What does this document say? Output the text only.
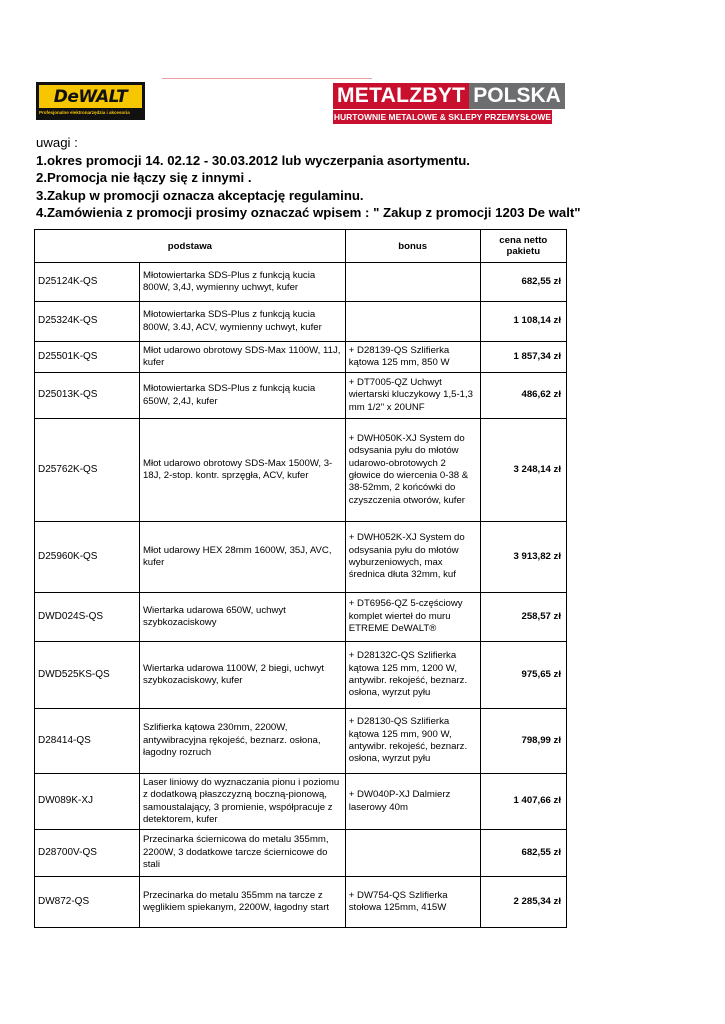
DeWALT
Profesjonalne elektronarzędzia i akcesoria
METALZBYT POLSKA
HURTOWNIE METALOWE & SKLEPY PRZEMYSŁOWE
uwagi :
1.okres promocji 14. 02.12 - 30.03.2012 lub wyczerpania asortymentu.
2.Promocja nie łączy się z innymi .
3.Zakup w promocji oznacza akceptację regulaminu.
4.Zamówienia z promocji prosimy oznaczać wpisem : " Zakup z promocji 1203 De walt"
podstawa		bonus	cena netto pakietu
D25124K-QS	Młotowiertarka SDS-Plus z funkcją kucia 800W, 3,4J, wymienny uchwyt, kufer		682,55 zł
D25324K-QS	Młotowiertarka SDS-Plus z funkcją kucia 800W, 3.4J, ACV, wymienny uchwyt, kufer		1 108,14 zł
D25501K-QS	Młot udarowo obrotowy SDS-Max 1100W, 11J, kufer	+ D28139-QS Szlifierka kątowa 125 mm, 850 W	1 857,34 zł
D25013K-QS	Młotowiertarka SDS-Plus z funkcją kucia 650W, 2,4J, kufer	+ DT7005-QZ Uchwyt wiertarski kluczykowy 1,5-1,3 mm 1/2" x 20UNF	486,62 zł
D25762K-QS	Młot udarowo obrotowy SDS-Max 1500W, 3-18J, 2-stop. kontr. sprzęgła, ACV, kufer	+ DWH050K-XJ System do odsysania pyłu do młotów udarowo-obrotowych 2 głowice do wiercenia 0-38 & 38-52mm, 2 końcówki do czyszczenia otworów, kufer	3 248,14 zł
D25960K-QS	Młot udarowy HEX 28mm 1600W, 35J, AVC, kufer	+ DWH052K-XJ System do odsysania pyłu do młotów wyburzeniowych, max średnica dłuta 32mm, kuf	3 913,82 zł
DWD024S-QS	Wiertarka udarowa 650W, uchwyt szybkozaciskowy	+ DT6956-QZ 5-częściowy komplet wierteł do muru ETREME DeWALT®	258,57 zł
DWD525KS-QS	Wiertarka udarowa 1100W, 2 biegi, uchwyt szybkozaciskowy, kufer	+ D28132C-QS Szlifierka kątowa 125 mm, 1200 W, antywibr. rekojeść, beznarz. osłona, wyrzut pyłu	975,65 zł
D28414-QS	Szlifierka kątowa 230mm, 2200W, antywibracyjna rękojeść, beznarz. osłona, łagodny rozruch	+ D28130-QS Szlifierka kątowa 125 mm, 900 W, antywibr. rekojeść, beznarz. osłona, wyrzut pyłu	798,99 zł
DW089K-XJ	Laser liniowy do wyznaczania pionu i poziomu z dodatkową płaszczyzną boczną-pionową, samoustalający, 3 promienie, współpracuje z detektorem, kufer	+ DW040P-XJ Dalmierz laserowy 40m	1 407,66 zł
D28700V-QS	Przecinarka ściernicowa do metalu 355mm, 2200W, 3 dodatkowe tarcze ściernicowe do stali		682,55 zł
DW872-QS	Przecinarka do metalu 355mm na tarcze z węglikiem spiekanym, 2200W, łagodny start	+ DW754-QS Szlifierka stołowa 125mm, 415W	2 285,34 zł
